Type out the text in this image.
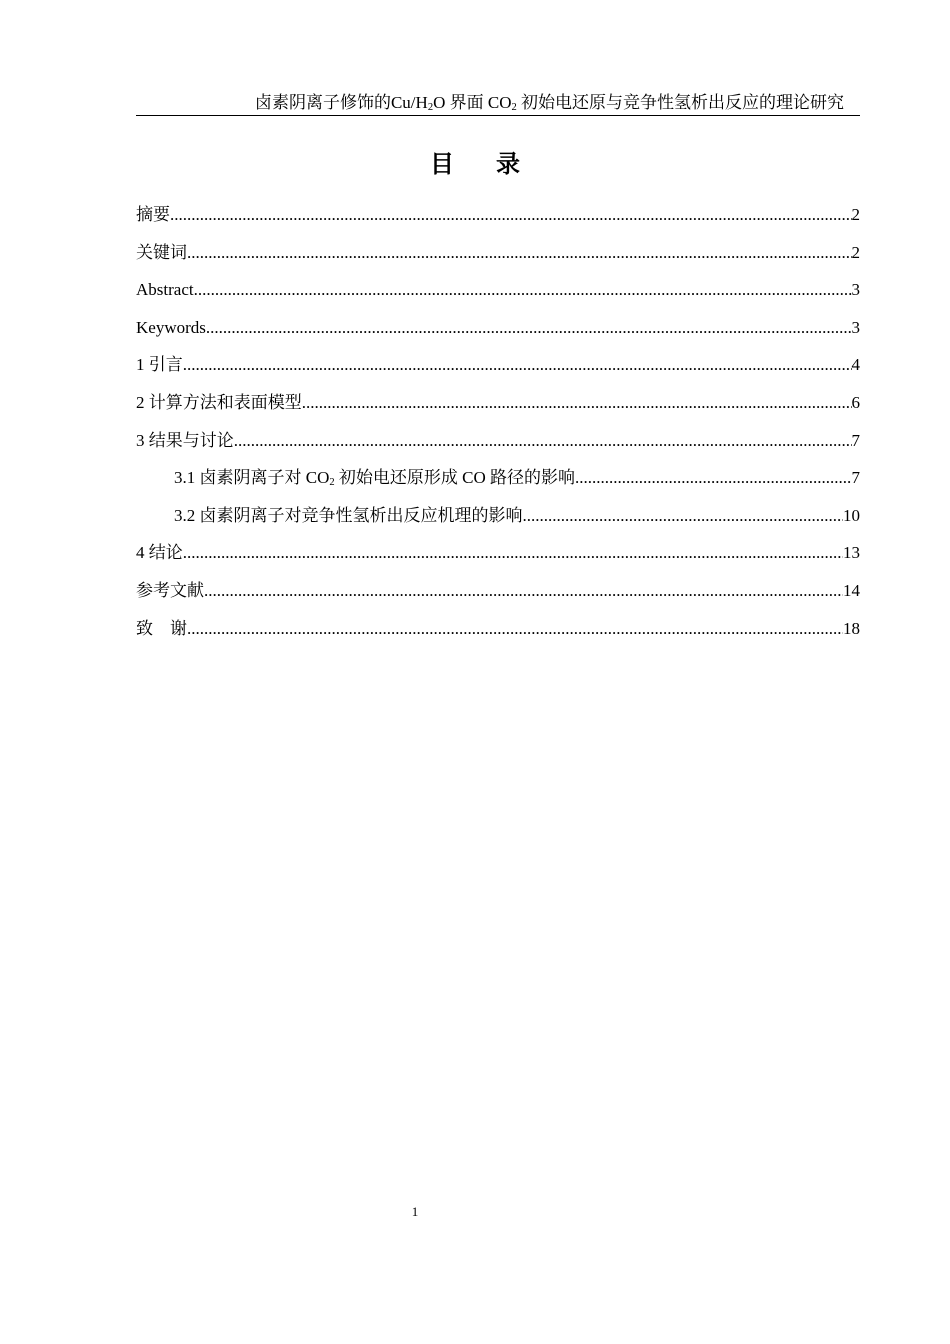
卤素阴离子修饰的$Cu/H_2O$ 界面 $CO_2$ 初始电还原与竞争性氢析出反应的理论研究
目录
摘要 .....	2
关键词 .....	2
Abstract .....	3
Keywords .....	3
1 引言 .....	4
2 计算方法和表面模型 .....	6
3 结果与讨论 .....	7
3.1 卤素阴离子对 $CO_2$ 初始电还原形成 CO 路径的影响 .....	7
3.2 卤素阴离子对竞争性氢析出反应机理的影响 .....	10
4 结论 .....	13
参考文献 .....	14
致　谢 .....	18
1
